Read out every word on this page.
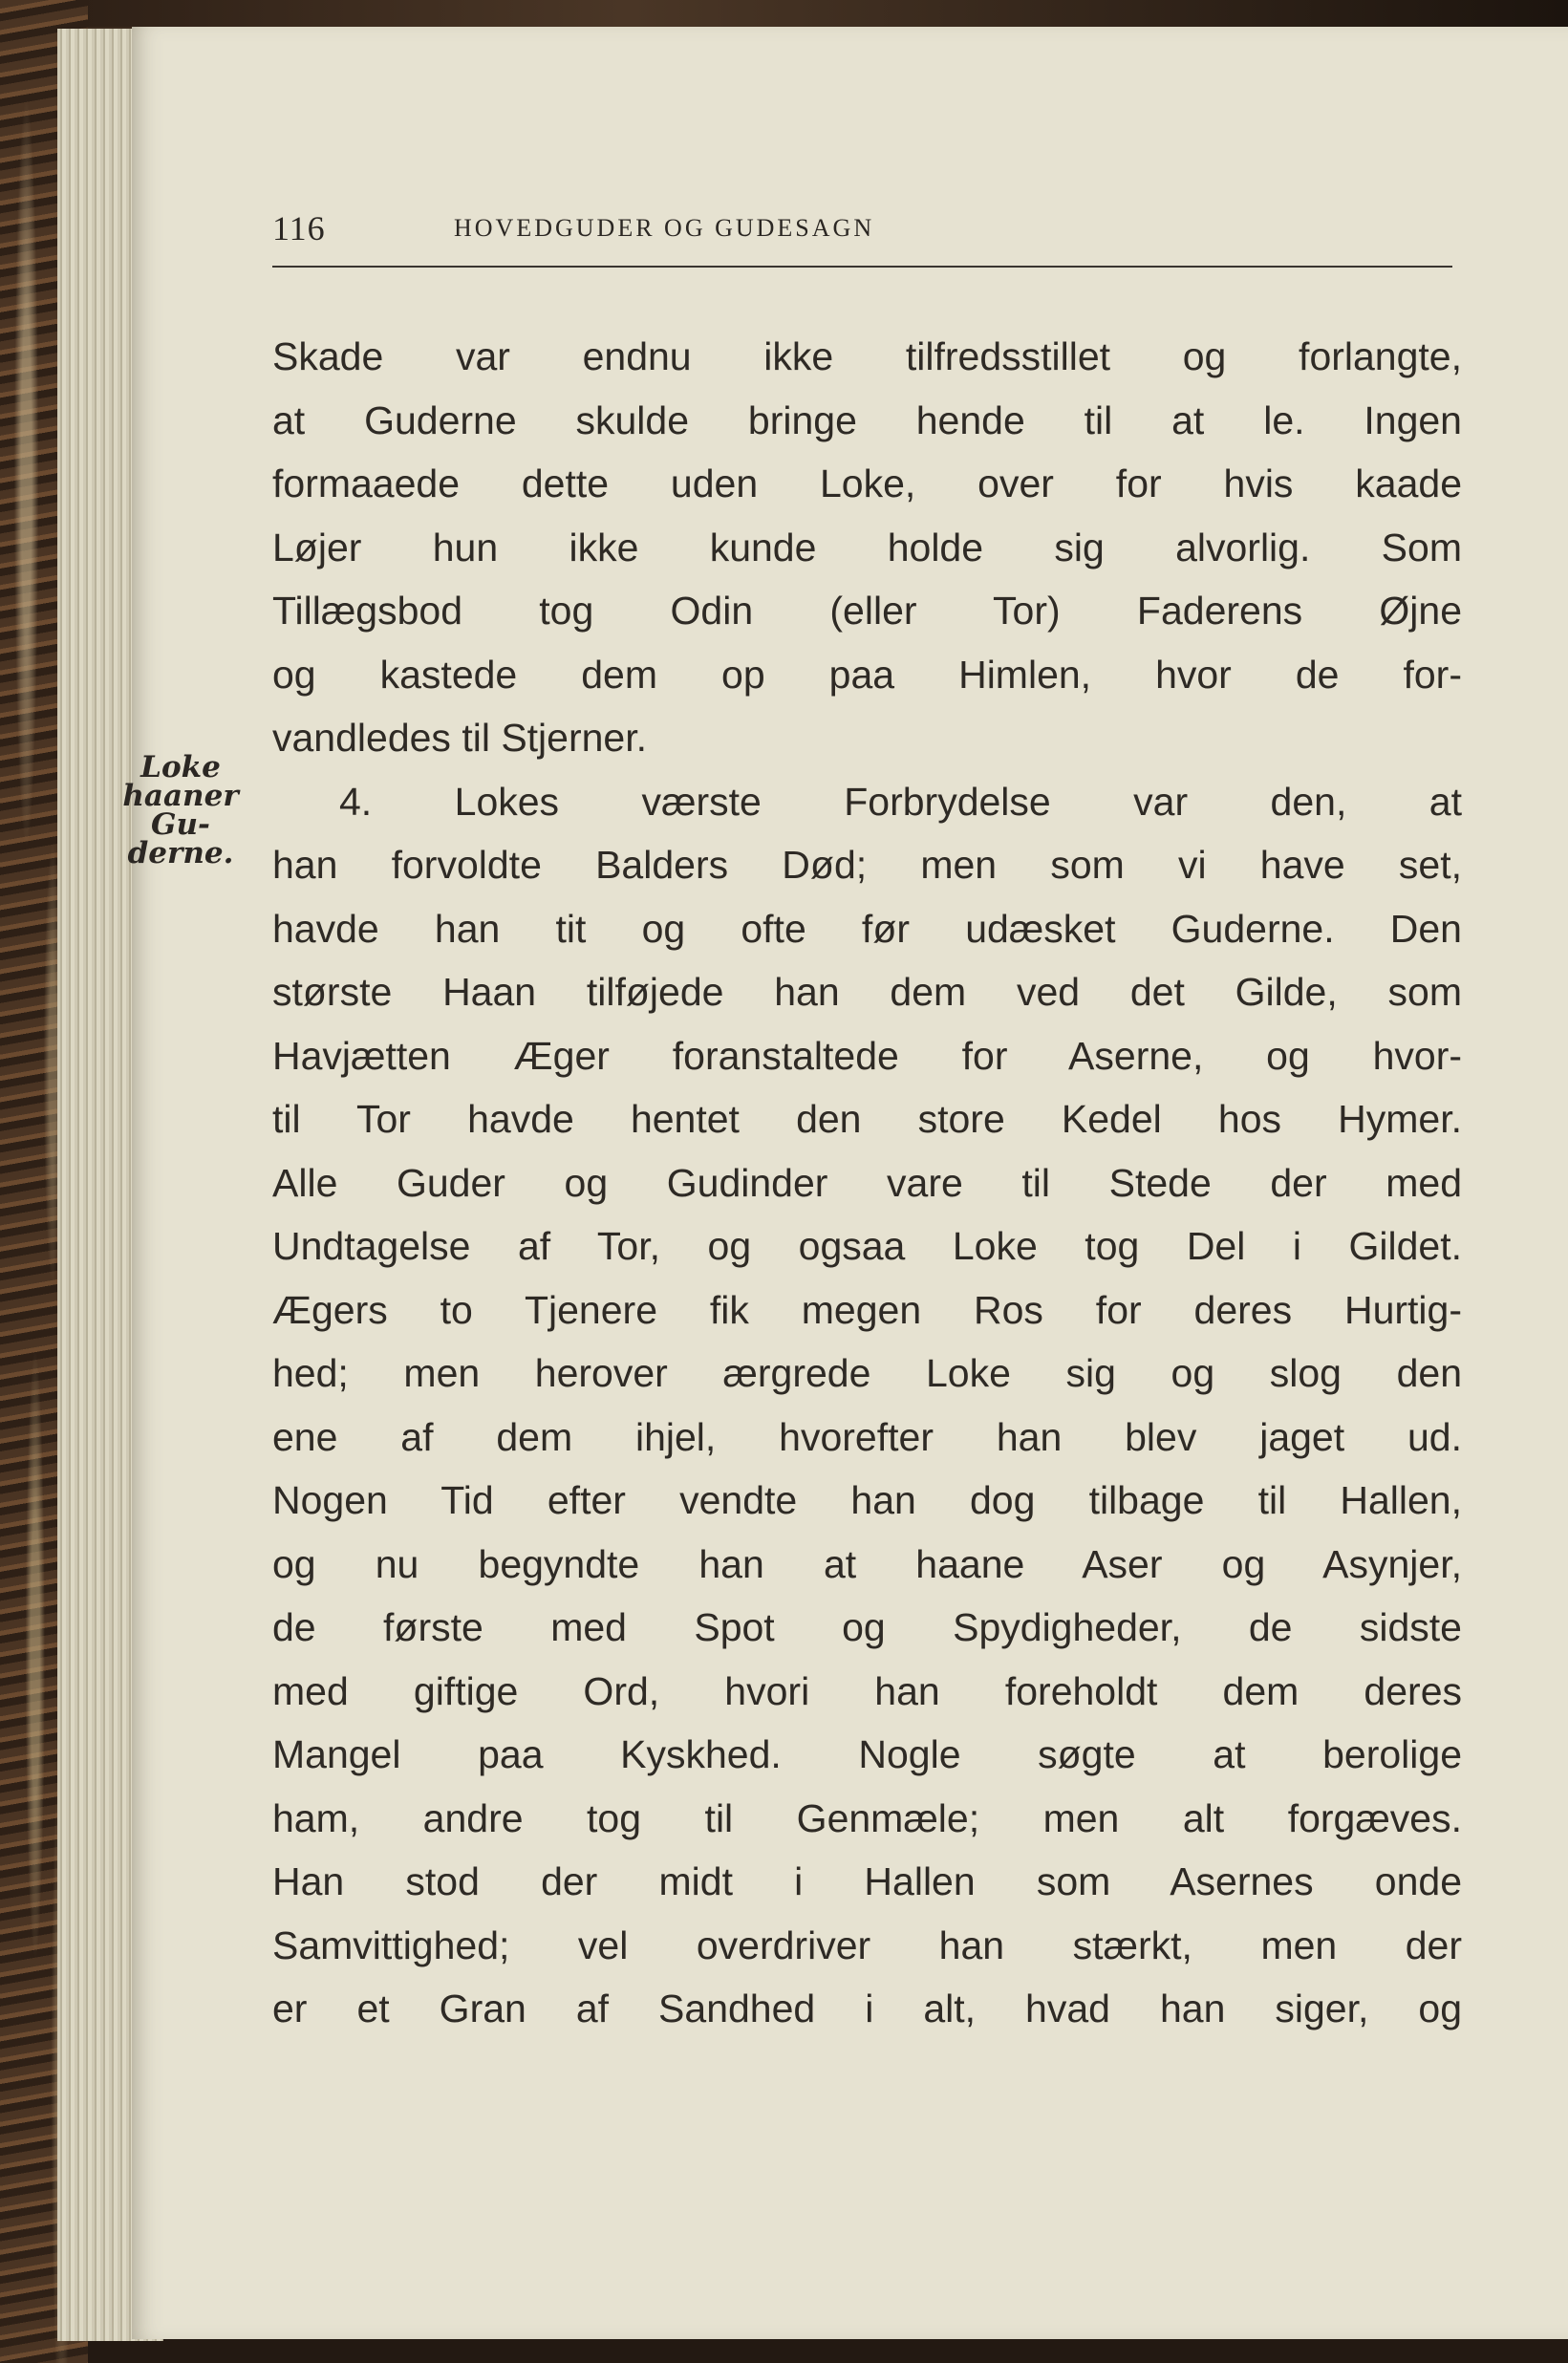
116	HOVEDGUDER OG GUDESAGN
Loke
haaner
Gu-
derne.
Skade var endnu ikke tilfredsstillet og forlangte,
at Guderne skulde bringe hende til at le. Ingen
formaaede dette uden Loke, over for hvis kaade
Løjer hun ikke kunde holde sig alvorlig. Som
Tillægsbod tog Odin (eller Tor) Faderens Øjne
og kastede dem op paa Himlen, hvor de for-
vandledes til Stjerner.
4. Lokes værste Forbrydelse var den, at
han forvoldte Balders Død; men som vi have set,
havde han tit og ofte før udæsket Guderne. Den
største Haan tilføjede han dem ved det Gilde, som
Havjætten Æger foranstaltede for Aserne, og hvor-
til Tor havde hentet den store Kedel hos Hymer.
Alle Guder og Gudinder vare til Stede der med
Undtagelse af Tor, og ogsaa Loke tog Del i Gildet.
Ægers to Tjenere fik megen Ros for deres Hurtig-
hed; men herover ærgrede Loke sig og slog den
ene af dem ihjel, hvorefter han blev jaget ud.
Nogen Tid efter vendte han dog tilbage til Hallen,
og nu begyndte han at haane Aser og Asynjer,
de første med Spot og Spydigheder, de sidste
med giftige Ord, hvori han foreholdt dem deres
Mangel paa Kyskhed. Nogle søgte at berolige
ham, andre tog til Genmæle; men alt forgæves.
Han stod der midt i Hallen som Asernes onde
Samvittighed; vel overdriver han stærkt, men der
er et Gran af Sandhed i alt, hvad han siger, og
